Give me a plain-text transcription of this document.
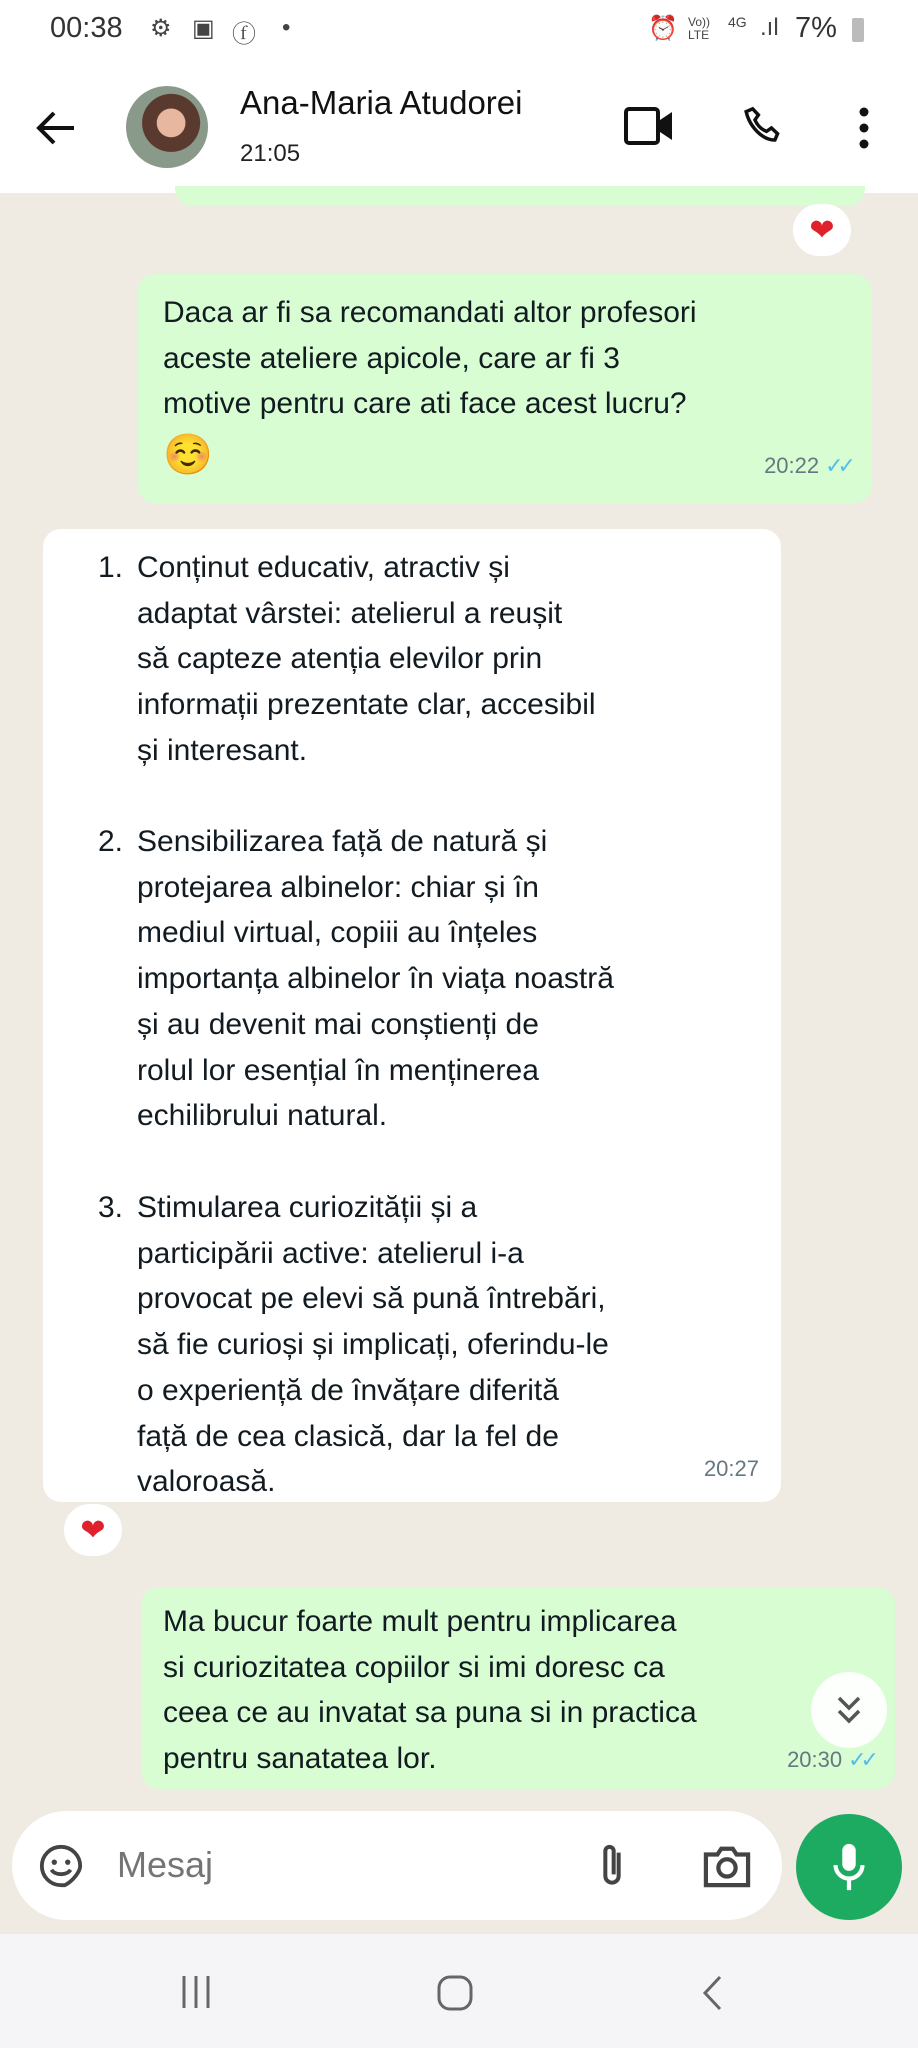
00:38 ⚙ ▣ ⓕ •	⏰ Vo)) LTE
4G .ıl 7%
Ana-Maria Atudorei
21:05
❤
Daca ar fi sa recomandati altor profesori
aceste ateliere apicole, care ar fi 3
motive pentru care ati face acest lucru?
☺️	20:22 ✓✓
1. Conținut educativ, atractiv și
adaptat vârstei: atelierul a reușit
să capteze atenția elevilor prin
informații prezentate clar, accesibil
și interesant.
2. Sensibilizarea față de natură și
protejarea albinelor: chiar și în
mediul virtual, copiii au înțeles
importanța albinelor în viața noastră
și au devenit mai conștienți de
rolul lor esențial în menținerea
echilibrului natural.
3. Stimularea curiozității și a
participării active: atelierul i-a
provocat pe elevi să pună întrebări,
să fie curioși și implicați, oferindu-le
o experiență de învățare diferită
față de cea clasică, dar la fel de
valoroasă.	20:27
❤
Ma bucur foarte mult pentru implicarea
si curiozitatea copiilor si imi doresc ca
ceea ce au invatat sa puna si in practica
pentru sanatatea lor.	20:30 ✓✓
Mesaj
